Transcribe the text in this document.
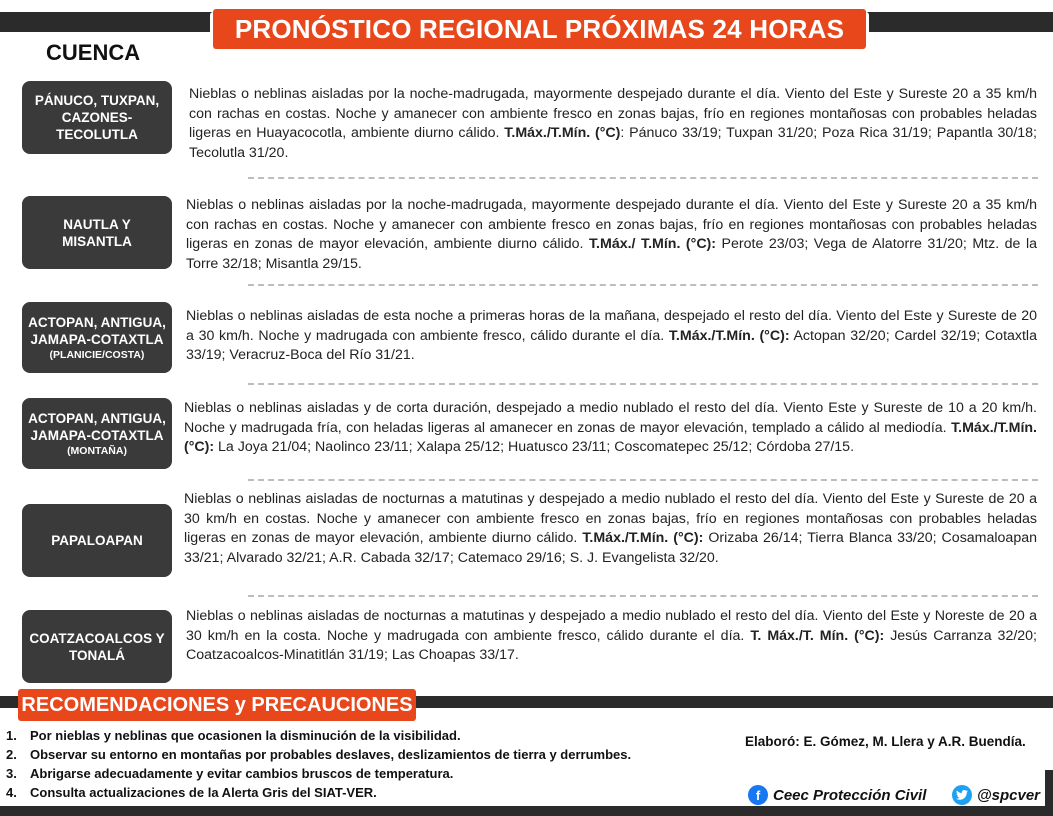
PRONÓSTICO REGIONAL PRÓXIMAS 24 HORAS
CUENCA
PÁNUCO, TUXPAN, CAZONES-TECOLUTLA
Nieblas o neblinas aisladas por la noche-madrugada, mayormente despejado durante el día. Viento del Este y Sureste 20 a 35 km/h con rachas en costas. Noche y amanecer con ambiente fresco en zonas bajas, frío en regiones montañosas con probables heladas ligeras en Huayacocotla, ambiente diurno cálido. T.Máx./T.Mín. (°C): Pánuco 33/19; Tuxpan 31/20; Poza Rica 31/19; Papantla 30/18; Tecolutla 31/20.
NAUTLA Y MISANTLA
Nieblas o neblinas aisladas por la noche-madrugada, mayormente despejado durante el día. Viento del Este y Sureste 20 a 35 km/h con rachas en costas. Noche y amanecer con ambiente fresco en zonas bajas, frío en regiones montañosas con probables heladas ligeras en zonas de mayor elevación, ambiente diurno cálido. T.Máx./ T.Mín. (°C): Perote 23/03; Vega de Alatorre 31/20; Mtz. de la Torre 32/18; Misantla 29/15.
ACTOPAN, ANTIGUA, JAMAPA-COTAXTLA
(PLANICIE/COSTA)
Nieblas o neblinas aisladas de esta noche a primeras horas de la mañana, despejado el resto del día. Viento del Este y Sureste de 20 a 30 km/h. Noche y madrugada con ambiente fresco, cálido durante el día. T.Máx./T.Mín. (°C): Actopan 32/20; Cardel 32/19; Cotaxtla 33/19; Veracruz-Boca del Río 31/21.
ACTOPAN, ANTIGUA, JAMAPA-COTAXTLA
(MONTAÑA)
Nieblas o neblinas aisladas y de corta duración, despejado a medio nublado el resto del día. Viento Este y Sureste de 10 a 20 km/h. Noche y madrugada fría, con heladas ligeras al amanecer en zonas de mayor elevación, templado a cálido al mediodía. T.Máx./T.Mín. (°C): La Joya 21/04; Naolinco 23/11; Xalapa 25/12; Huatusco 23/11; Coscomatepec 25/12; Córdoba 27/15.
PAPALOAPAN
Nieblas o neblinas aisladas de nocturnas a matutinas y despejado a medio nublado el resto del día. Viento del Este y Sureste de 20 a 30 km/h en costas. Noche y amanecer con ambiente fresco en zonas bajas, frío en regiones montañosas con probables heladas ligeras en zonas de mayor elevación, ambiente diurno cálido. T.Máx./T.Mín. (°C): Orizaba 26/14; Tierra Blanca 33/20; Cosamaloapan 33/21; Alvarado 32/21; A.R. Cabada 32/17; Catemaco 29/16; S. J. Evangelista 32/20.
COATZACOALCOS Y TONALÁ
Nieblas o neblinas aisladas de nocturnas a matutinas y despejado a medio nublado el resto del día. Viento del Este y Noreste de 20 a 30 km/h en la costa. Noche y madrugada con ambiente fresco, cálido durante el día. T. Máx./T. Mín. (°C): Jesús Carranza 32/20; Coatzacoalcos-Minatitlán 31/19; Las Choapas 33/17.
RECOMENDACIONES y PRECAUCIONES
1.	Por nieblas y neblinas que ocasionen la disminución de la visibilidad.
2.	Observar su entorno en montañas por probables deslaves, deslizamientos de tierra y derrumbes.
3.	Abrigarse adecuadamente y evitar cambios bruscos de temperatura.
4.	Consulta actualizaciones de la Alerta Gris del SIAT-VER.
Elaboró: E. Gómez, M. Llera y A.R. Buendía.
f Ceec Protección Civil	@spcver
